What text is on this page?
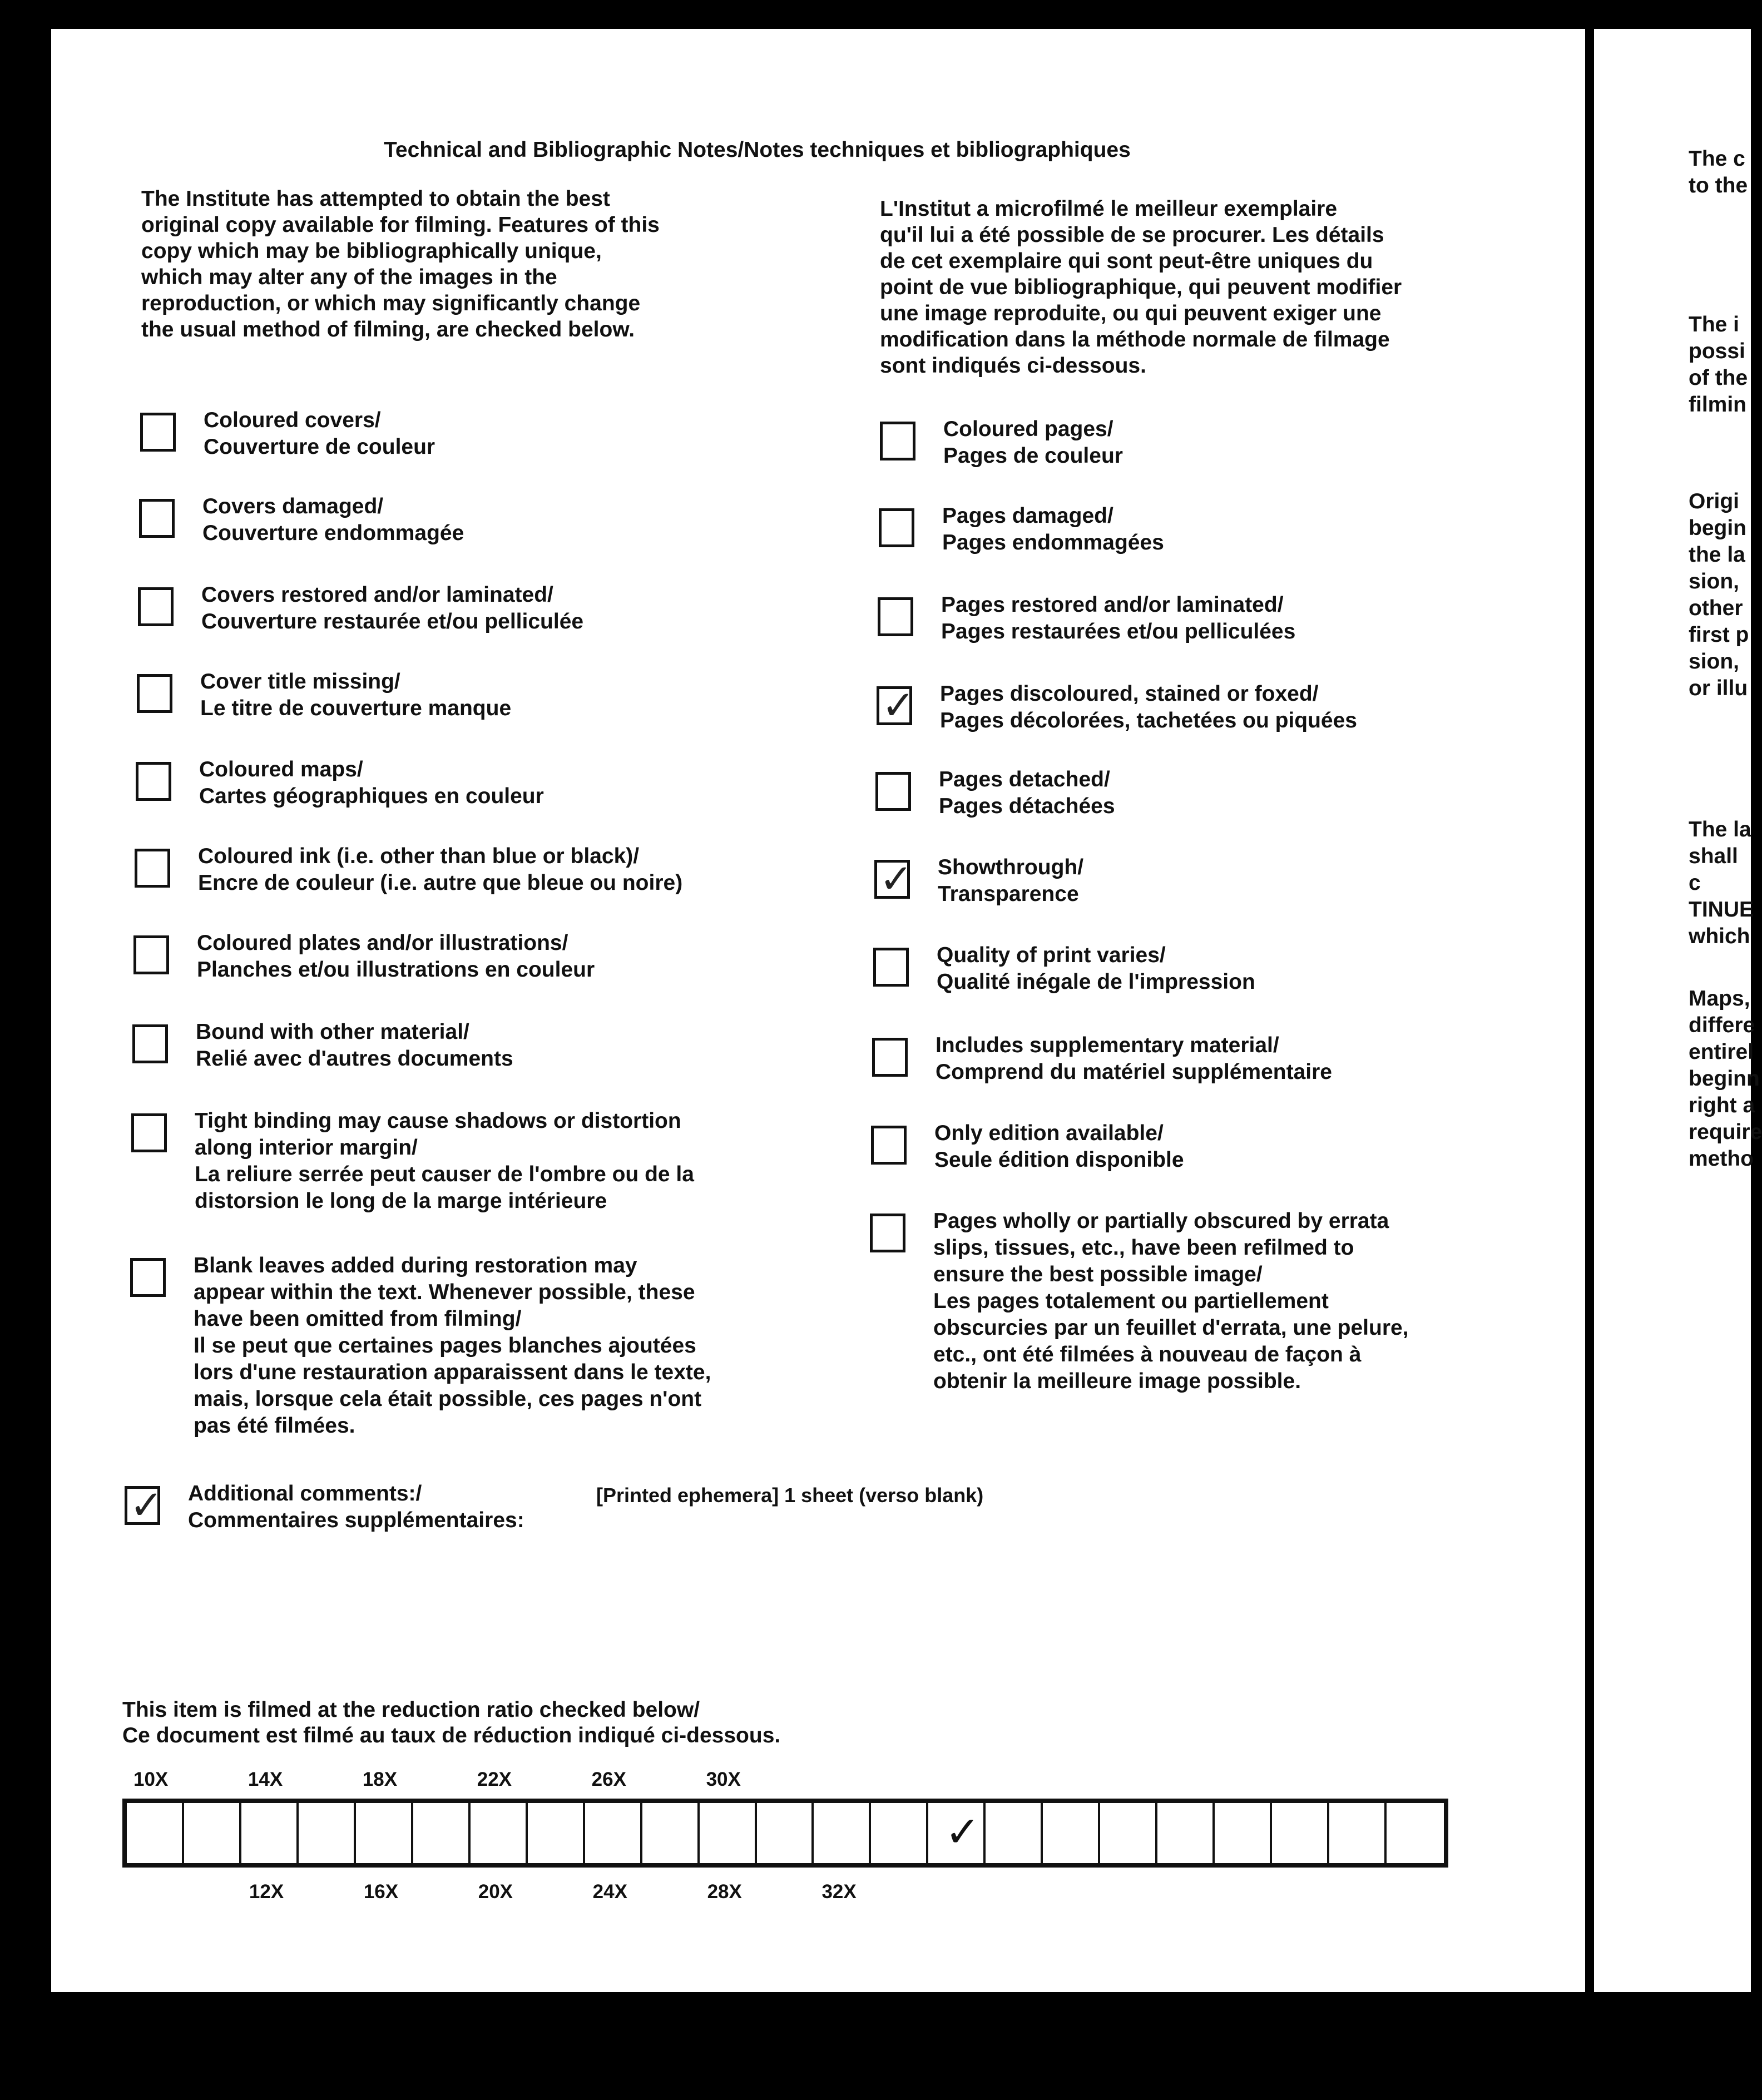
Technical and Bibliographic Notes/Notes techniques et bibliographiques
The Institute has attempted to obtain the best
original copy available for filming. Features of this
copy which may be bibliographically unique,
which may alter any of the images in the
reproduction, or which may significantly change
the usual method of filming, are checked below.
L'Institut a microfilmé le meilleur exemplaire
qu'il lui a été possible de se procurer. Les détails
de cet exemplaire qui sont peut-être uniques du
point de vue bibliographique, qui peuvent modifier
une image reproduite, ou qui peuvent exiger une
modification dans la méthode normale de filmage
sont indiqués ci-dessous.
Coloured covers/
Couverture de couleur
Covers damaged/
Couverture endommagée
Covers restored and/or laminated/
Couverture restaurée et/ou pelliculée
Cover title missing/
Le titre de couverture manque
Coloured maps/
Cartes géographiques en couleur
Coloured ink (i.e. other than blue or black)/
Encre de couleur (i.e. autre que bleue ou noire)
Coloured plates and/or illustrations/
Planches et/ou illustrations en couleur
Bound with other material/
Relié avec d'autres documents
Tight binding may cause shadows or distortion
along interior margin/
La reliure serrée peut causer de l'ombre ou de la
distorsion le long de la marge intérieure
Blank leaves added during restoration may
appear within the text. Whenever possible, these
have been omitted from filming/
Il se peut que certaines pages blanches ajoutées
lors d'une restauration apparaissent dans le texte,
mais, lorsque cela était possible, ces pages n'ont
pas été filmées.
Coloured pages/
Pages de couleur
Pages damaged/
Pages endommagées
Pages restored and/or laminated/
Pages restaurées et/ou pelliculées
✓ Pages discoloured, stained or foxed/
Pages décolorées, tachetées ou piquées
Pages detached/
Pages détachées
✓ Showthrough/
Transparence
Quality of print varies/
Qualité inégale de l'impression
Includes supplementary material/
Comprend du matériel supplémentaire
Only edition available/
Seule édition disponible
Pages wholly or partially obscured by errata
slips, tissues, etc., have been refilmed to
ensure the best possible image/
Les pages totalement ou partiellement
obscurcies par un feuillet d'errata, une pelure,
etc., ont été filmées à nouveau de façon à
obtenir la meilleure image possible.
✓ Additional comments:/
Commentaires supplémentaires:
[Printed ephemera] 1 sheet (verso blank)
This item is filmed at the reduction ratio checked below/
Ce document est filmé au taux de réduction indiqué ci-dessous.
10X	14X	18X	22X	26X	30X
✓
12X	16X	20X	24X	28X	32X
The c
to the
The i
possi
of the
filmin
Origi
begin
the la
sion,
other
first p
sion,
or illu
The la
shall c
TINUE
which
Maps,
differe
entirel
beginn
right a
require
metho
